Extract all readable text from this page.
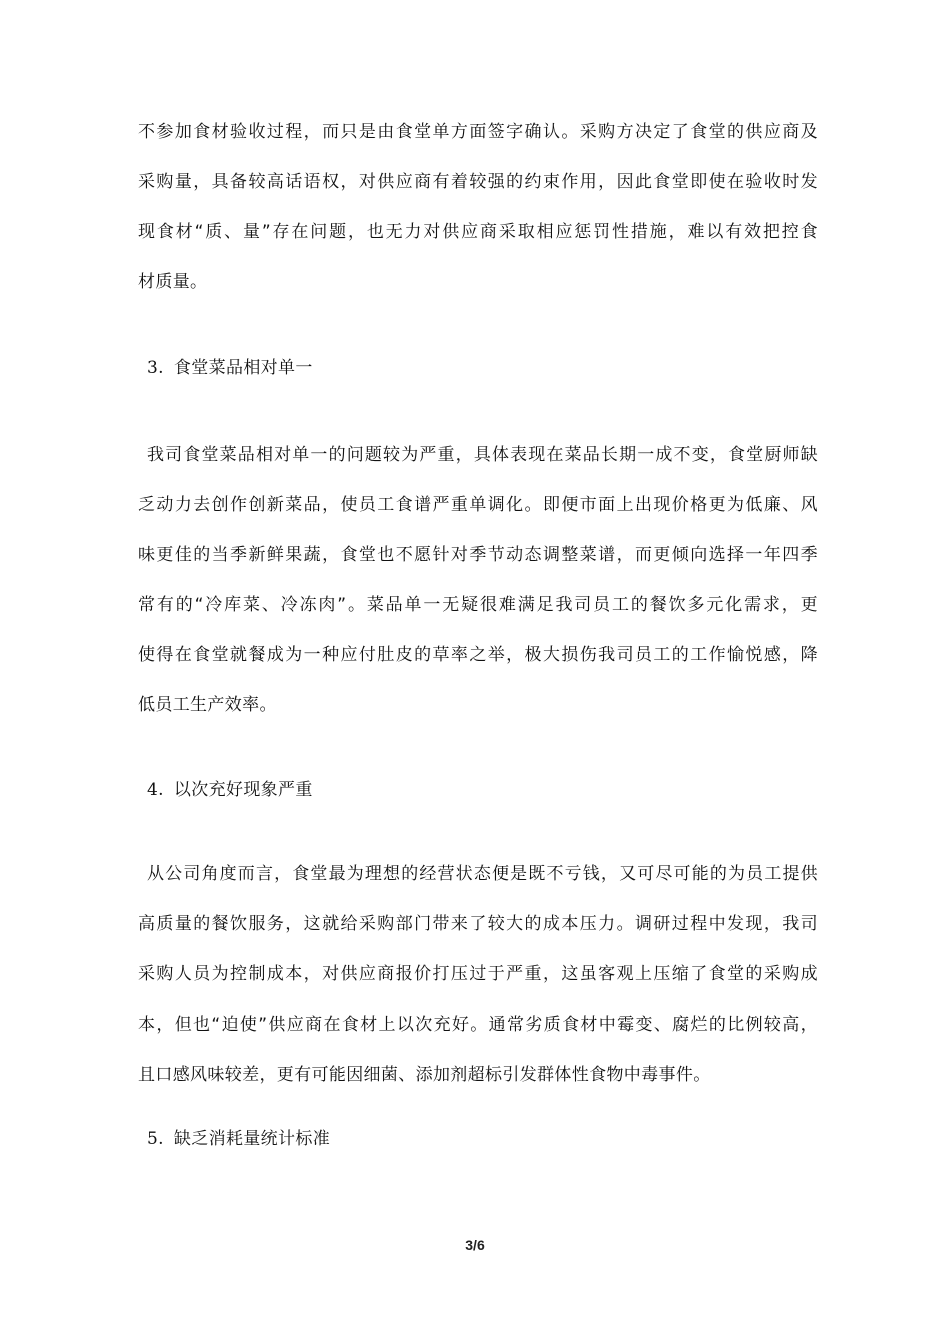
不参加食材验收过程，而只是由食堂单方面签字确认。采购方决定了食堂的供应商及
采购量，具备较高话语权，对供应商有着较强的约束作用，因此食堂即使在验收时发
现食材“质、量”存在问题，也无力对供应商采取相应惩罚性措施，难以有效把控食
材质量。
3. 食堂菜品相对单一
我司食堂菜品相对单一的问题较为严重，具体表现在菜品长期一成不变，食堂厨师缺
乏动力去创作创新菜品，使员工食谱严重单调化。即便市面上出现价格更为低廉、风
味更佳的当季新鲜果蔬，食堂也不愿针对季节动态调整菜谱，而更倾向选择一年四季
常有的“冷库菜、冷冻肉”。菜品单一无疑很难满足我司员工的餐饮多元化需求，更
使得在食堂就餐成为一种应付肚皮的草率之举，极大损伤我司员工的工作愉悦感，降
低员工生产效率。
4. 以次充好现象严重
从公司角度而言，食堂最为理想的经营状态便是既不亏钱，又可尽可能的为员工提供
高质量的餐饮服务，这就给采购部门带来了较大的成本压力。调研过程中发现，我司
采购人员为控制成本，对供应商报价打压过于严重，这虽客观上压缩了食堂的采购成
本，但也“迫使”供应商在食材上以次充好。通常劣质食材中霉变、腐烂的比例较高，
且口感风味较差，更有可能因细菌、添加剂超标引发群体性食物中毒事件。
5. 缺乏消耗量统计标准
3/6
